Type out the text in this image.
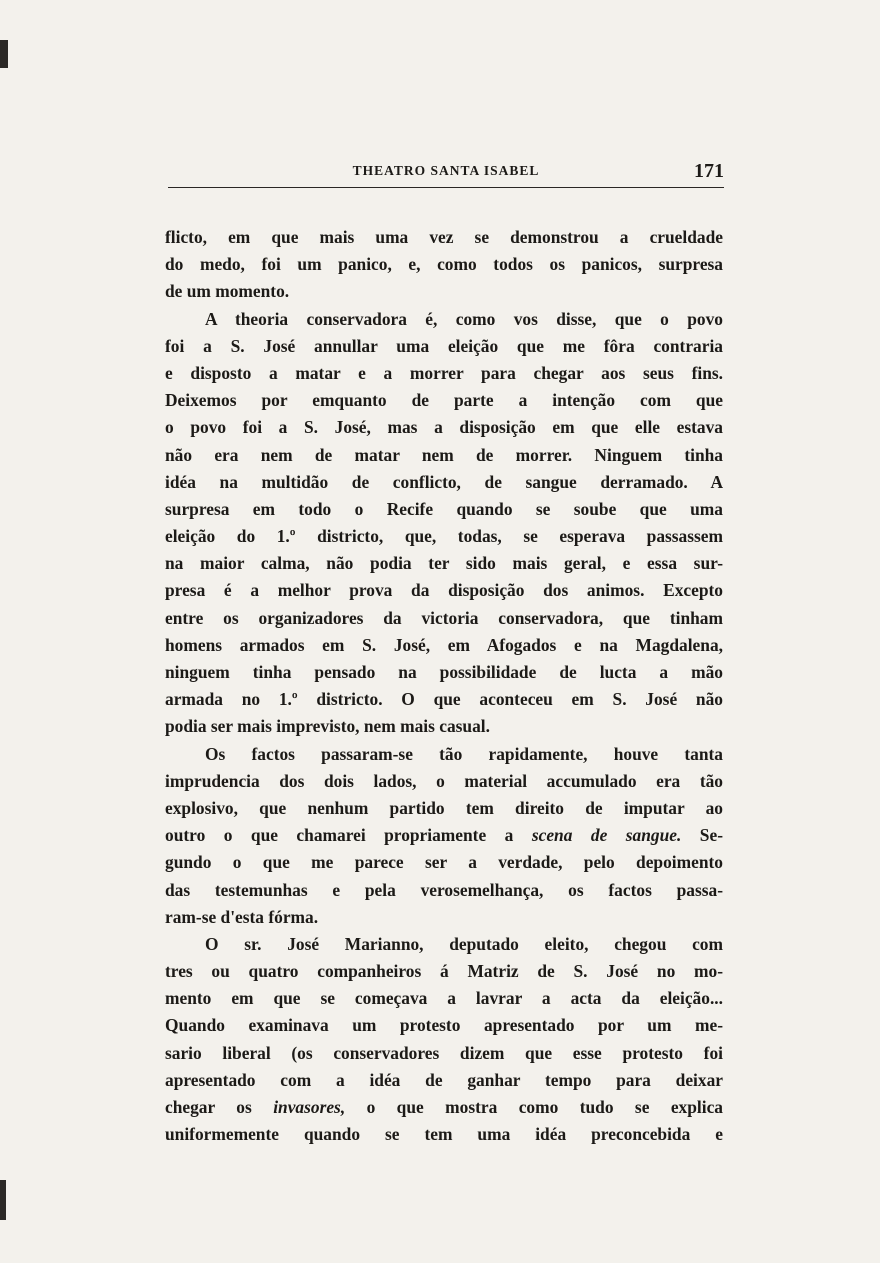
THEATRO SANTA ISABEL	171
flicto, em que mais uma vez se demonstrou a crueldade
do medo, foi um panico, e, como todos os panicos, surpresa
de um momento.
A theoria conservadora é, como vos disse, que o povo
foi a S. José annullar uma eleição que me fôra contraria
e disposto a matar e a morrer para chegar aos seus fins.
Deixemos por emquanto de parte a intenção com que
o povo foi a S. José, mas a disposição em que elle estava
não era nem de matar nem de morrer. Ninguem tinha
idéa na multidão de conflicto, de sangue derramado. A
surpresa em todo o Recife quando se soube que uma
eleição do 1.º districto, que, todas, se esperava passassem
na maior calma, não podia ter sido mais geral, e essa sur-
presa é a melhor prova da disposição dos animos. Excepto
entre os organizadores da victoria conservadora, que tinham
homens armados em S. José, em Afogados e na Magdalena,
ninguem tinha pensado na possibilidade de lucta a mão
armada no 1.º districto. O que aconteceu em S. José não
podia ser mais imprevisto, nem mais casual.
Os factos passaram-se tão rapidamente, houve tanta
imprudencia dos dois lados, o material accumulado era tão
explosivo, que nenhum partido tem direito de imputar ao
outro o que chamarei propriamente a scena de sangue. Se-
gundo o que me parece ser a verdade, pelo depoimento
das testemunhas e pela verosemelhança, os factos passa-
ram-se d'esta fórma.
O sr. José Marianno, deputado eleito, chegou com
tres ou quatro companheiros á Matriz de S. José no mo-
mento em que se começava a lavrar a acta da eleição...
Quando examinava um protesto apresentado por um me-
sario liberal (os conservadores dizem que esse protesto foi
apresentado com a idéa de ganhar tempo para deixar
chegar os invasores, o que mostra como tudo se explica
uniformemente quando se tem uma idéa preconcebida e
